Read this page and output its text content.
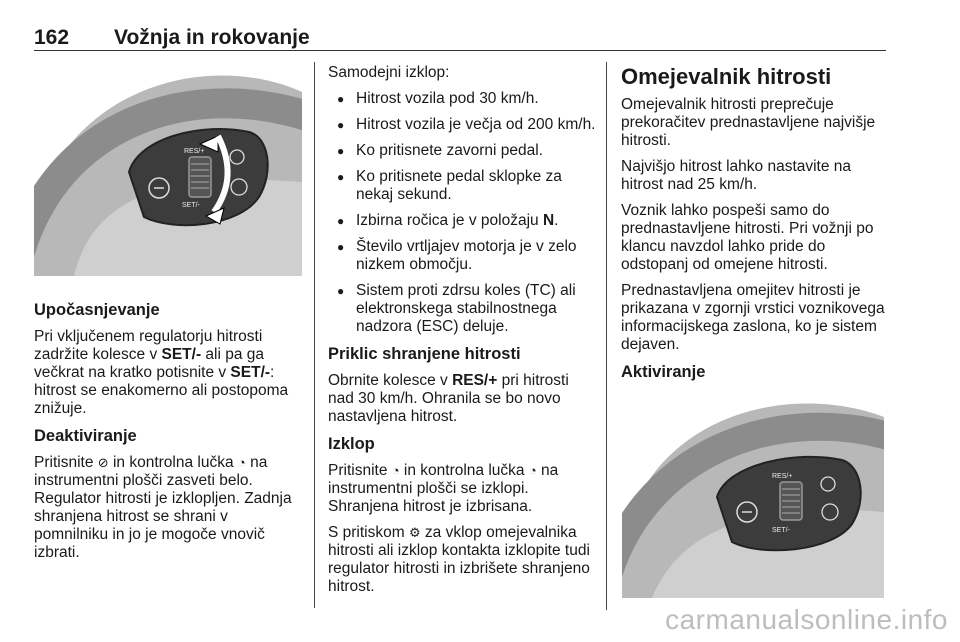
162 Vožnja in rokovanje
RES/+
SET/-
Upočasnjevanje

Pri vključenem regulatorju hitrosti zadržite kolesce v SET/- ali pa ga večkrat na kratko potisnite v SET/-: hitrost se enakomerno ali postopoma znižuje.

Deaktiviranje

Pritisnite ⊘ in kontrolna lučka ◔ na instrumentni plošči zasveti belo. Regulator hitrosti je izklopljen. Zadnja shranjena hitrost se shrani v pomnilniku in jo je mogoče vnovič izbrati.

Samodejni izklop:

● Hitrost vozila pod 30 km/h.
● Hitrost vozila je večja od 200 km/h.
● Ko pritisnete zavorni pedal.
● Ko pritisnete pedal sklopke za nekaj sekund.
● Izbirna ročica je v položaju N.
● Število vrtljajev motorja je v zelo nizkem območju.
● Sistem proti zdrsu koles (TC) ali elektronskega stabilnostnega nadzora (ESC) deluje.
Priklic shranjene hitrosti

Obrnite kolesce v RES/+ pri hitrosti nad 30 km/h. Ohranila se bo novo nastavljena hitrost.

Izklop

Pritisnite ◔ in kontrolna lučka ◔ na instrumentni plošči se izklopi. Shranjena hitrost je izbrisana.

S pritiskom ⚙ za vklop omejevalnika hitrosti ali izklop kontakta izklopite tudi regulator hitrosti in izbrišete shranjeno hitrost.

Omejevalnik hitrosti

Omejevalnik hitrosti preprečuje prekoračitev prednastavljene najvišje hitrosti.

Najvišjo hitrost lahko nastavite na hitrost nad 25 km/h.

Voznik lahko pospeši samo do prednastavljene hitrosti. Pri vožnji po klancu navzdol lahko pride do odstopanj od omejene hitrosti.

Prednastavljena omejitev hitrosti je prikazana v zgornji vrstici voznikovega informacijskega zaslona, ko je sistem dejaven.

Aktiviranje
RES/+
SET/-
carmanualsonline.info
